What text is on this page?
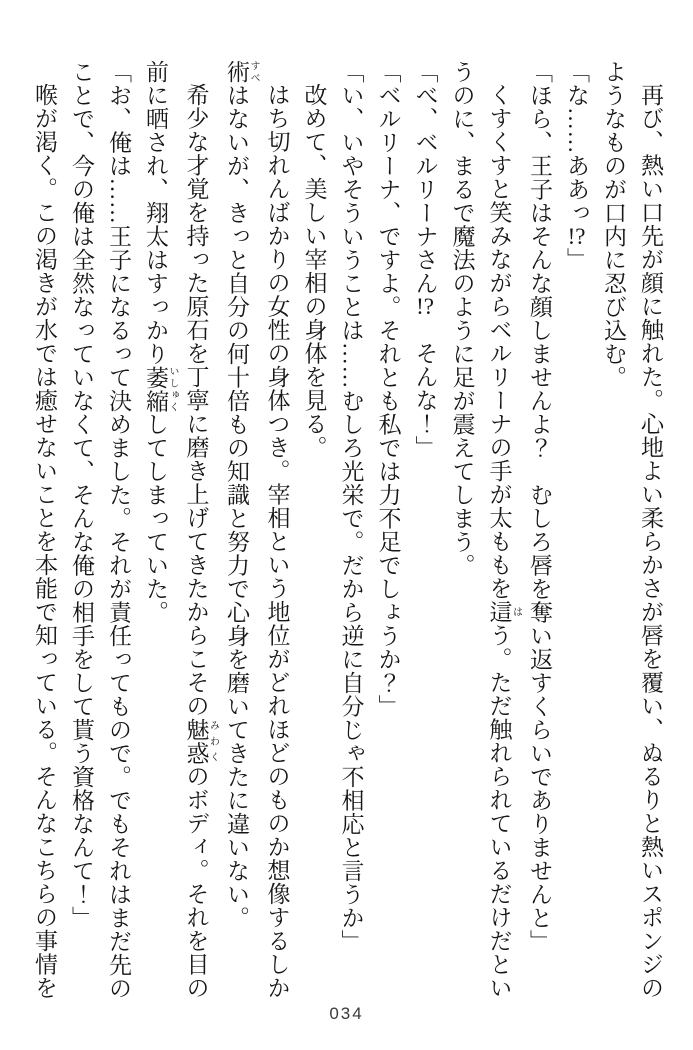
再び、熱い口先が顔に触れた。心地よい柔らかさが唇を覆い、ぬるりと熱いスポンジの

ようなものが口内に忍び込む。

「な……ああっ!?」

「ほら、王子はそんな顔しませんよ？　むしろ唇を奪い返すくらいでありませんと」

くすくすと笑みながらベルリーナの手が太ももを這 はう。ただ触れられているだけだとい

うのに、まるで魔法のように足が震えてしまう。

「べ、ベルリーナさん!?　そんな！」

「ベルリーナ、ですよ。それとも私では力不足でしょうか？」

「い、いやそういうことは……むしろ光栄で。だから逆に自分じゃ不相応と言うか」

改めて、美しい宰相の身体を見る。

はち切れんばかりの女性の身体つき。宰相という地位がどれほどのものか想像するしか

術 すべはないが、きっと自分の何十倍もの知識と努力で心身を磨いてきたに違いない。

希少な才覚を持った原石を丁寧に磨き上げてきたからこその魅惑 みわくのボディ。それを目の

前に晒され、翔太はすっかり萎縮 いしゅくしてしまっていた。

「お、俺は……王子になるって決めました。それが責任ってもので。でもそれはまだ先の

ことで、今の俺は全然なっていなくて、そんな俺の相手をして貰う資格なんて！」

喉が渇く。この渇きが水では癒せないことを本能で知っている。そんなこちらの事情を

034
